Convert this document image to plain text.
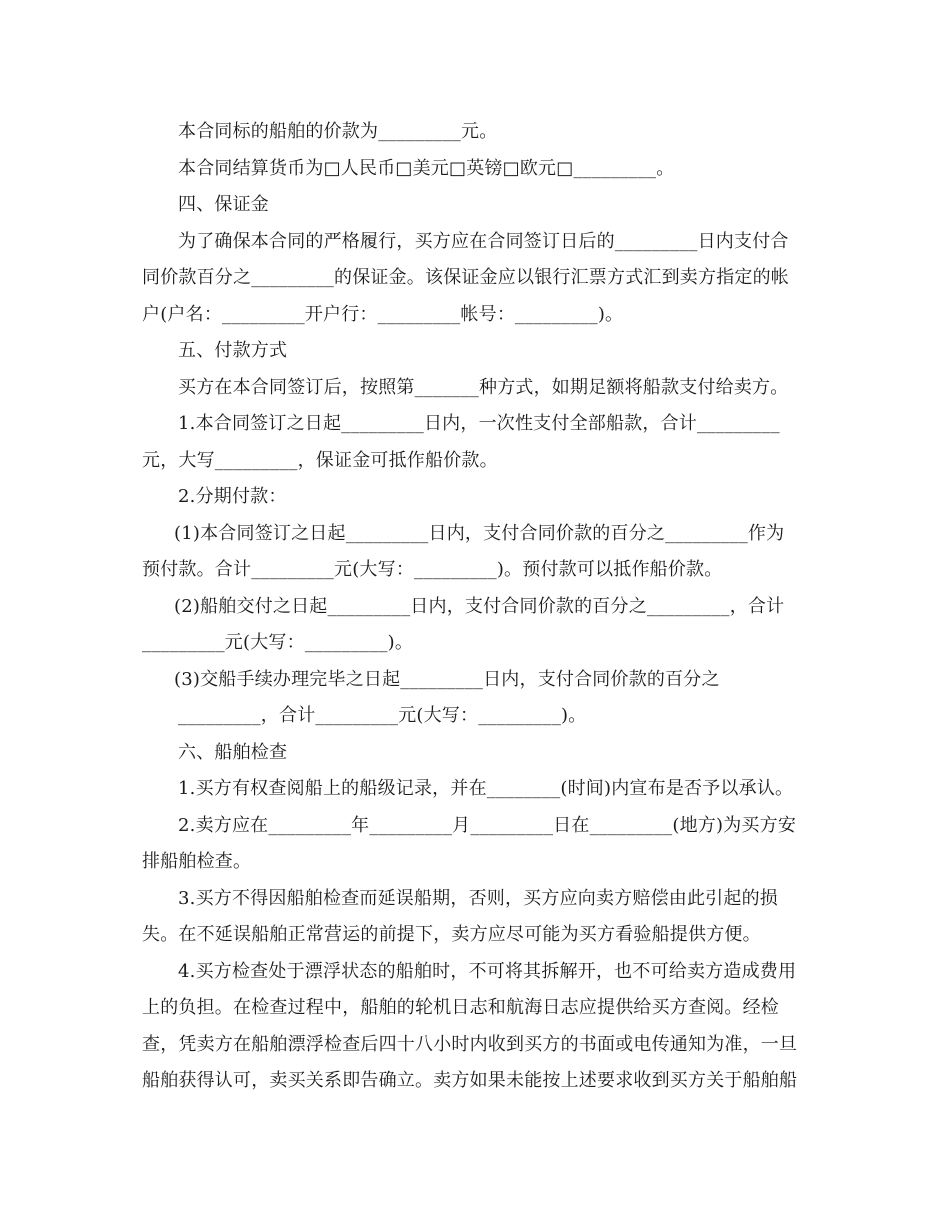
本合同标的船舶的价款为_________元。
本合同结算货币为□人民币□美元□英镑□欧元□_________。
四、保证金
为了确保本合同的严格履行，买方应在合同签订日后的_________日内支付合
同价款百分之_________的保证金。该保证金应以银行汇票方式汇到卖方指定的帐
户(户名：_________开户行：_________帐号：_________)。
五、付款方式
买方在本合同签订后，按照第_______种方式，如期足额将船款支付给卖方。
1.本合同签订之日起_________日内，一次性支付全部船款，合计_________
元，大写_________，保证金可抵作船价款。
2.分期付款：
(1)本合同签订之日起_________日内，支付合同价款的百分之_________作为
预付款。合计_________元(大写：_________)。预付款可以抵作船价款。
(2)船舶交付之日起_________日内，支付合同价款的百分之_________，合计
_________元(大写：_________)。
(3)交船手续办理完毕之日起_________日内，支付合同价款的百分之
_________，合计_________元(大写：_________)。
六、船舶检查
1.买方有权查阅船上的船级记录，并在________(时间)内宣布是否予以承认。
2.卖方应在_________年_________月_________日在_________(地方)为买方安
排船舶检查。
3.买方不得因船舶检查而延误船期，否则，买方应向卖方赔偿由此引起的损
失。在不延误船舶正常营运的前提下，卖方应尽可能为买方看验船提供方便。
4.买方检查处于漂浮状态的船舶时，不可将其拆解开，也不可给卖方造成费用
上的负担。在检查过程中，船舶的轮机日志和航海日志应提供给买方查阅。经检
查，凭卖方在船舶漂浮检查后四十八小时内收到买方的书面或电传通知为准，一旦
船舶获得认可，卖买关系即告确立。卖方如果未能按上述要求收到买方关于船舶船
